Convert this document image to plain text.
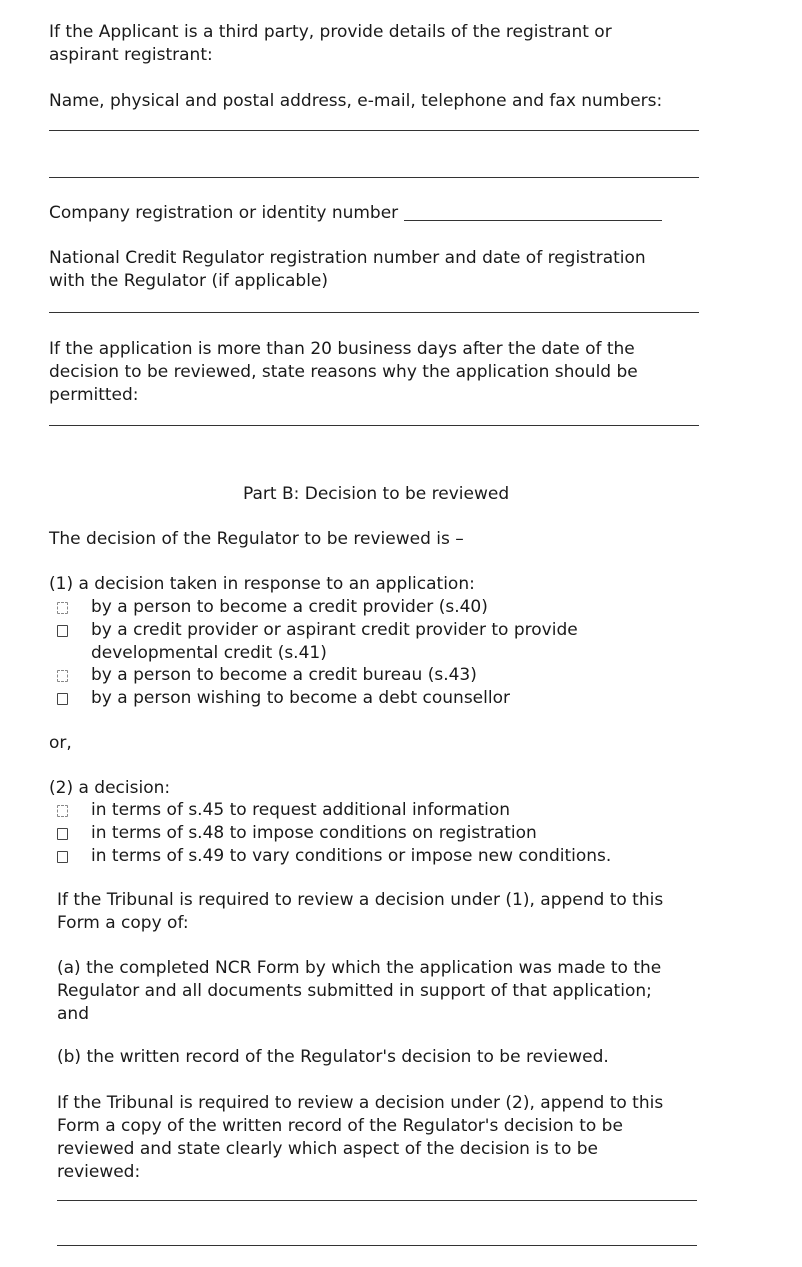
If the Applicant is a third party, provide details of the registrant or
aspirant registrant:
Name, physical and postal address, e-mail, telephone and fax numbers:
Company registration or identity number
National Credit Regulator registration number and date of registration
with the Regulator (if applicable)
If the application is more than 20 business days after the date of the
decision to be reviewed, state reasons why the application should be
permitted:
Part B: Decision to be reviewed
The decision of the Regulator to be reviewed is –
(1) a decision taken in response to an application:
by a person to become a credit provider (s.40)
by a credit provider or aspirant credit provider to provide
developmental credit (s.41)
by a person to become a credit bureau (s.43)
by a person wishing to become a debt counsellor
or,
(2) a decision:
in terms of s.45 to request additional information
in terms of s.48 to impose conditions on registration
in terms of s.49 to vary conditions or impose new conditions.
If the Tribunal is required to review a decision under (1), append to this
Form a copy of:
(a) the completed NCR Form by which the application was made to the
Regulator and all documents submitted in support of that application;
and
(b) the written record of the Regulator's decision to be reviewed.
If the Tribunal is required to review a decision under (2), append to this
Form a copy of the written record of the Regulator's decision to be
reviewed and state clearly which aspect of the decision is to be
reviewed:
